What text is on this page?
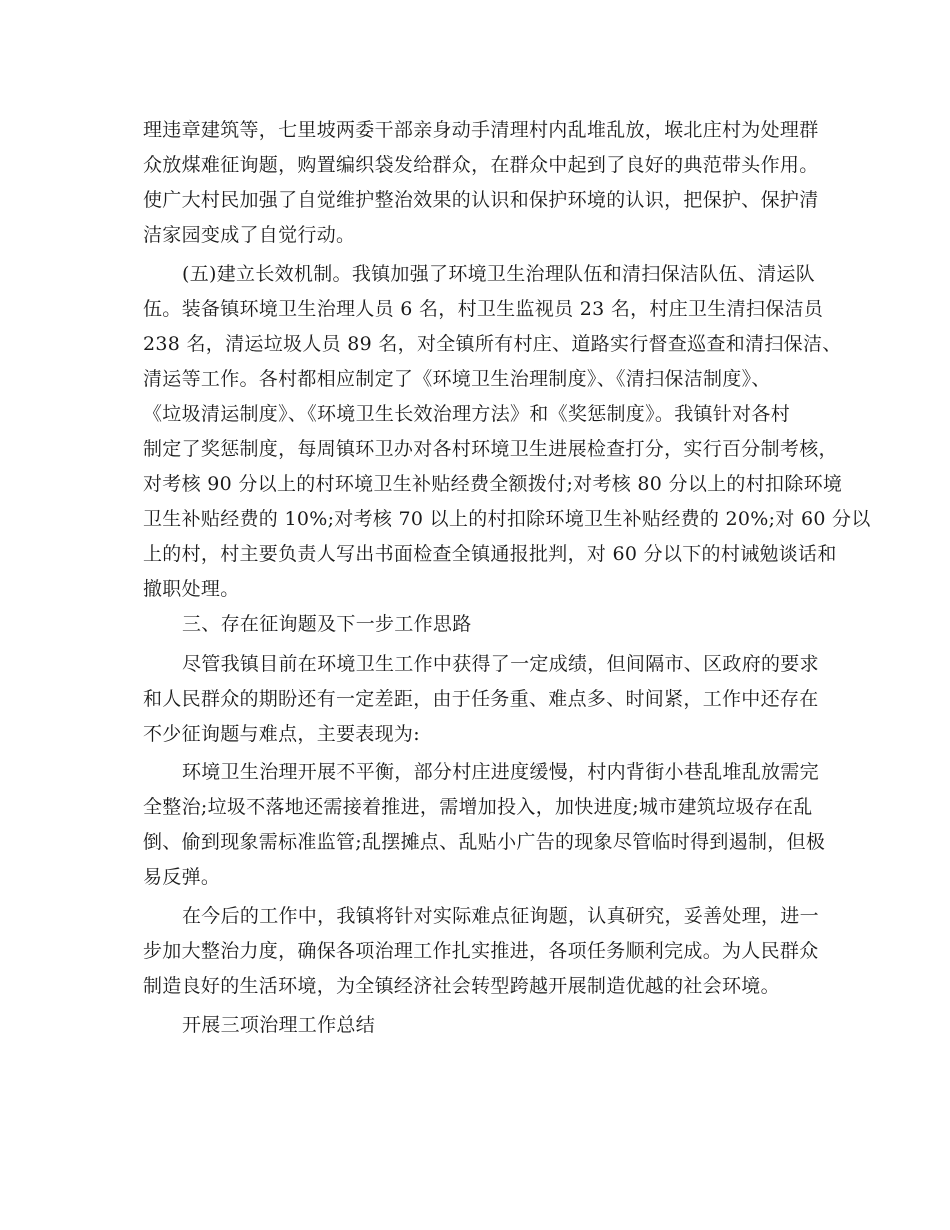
理违章建筑等，七里坡两委干部亲身动手清理村内乱堆乱放，堠北庄村为处理群
众放煤难征询题，购置编织袋发给群众，在群众中起到了良好的典范带头作用。
使广大村民加强了自觉维护整治效果的认识和保护环境的认识，把保护、保护清
洁家园变成了自觉行动。
(五)建立长效机制。我镇加强了环境卫生治理队伍和清扫保洁队伍、清运队
伍。装备镇环境卫生治理人员 6 名，村卫生监视员 23 名，村庄卫生清扫保洁员
238 名，清运垃圾人员 89 名，对全镇所有村庄、道路实行督查巡查和清扫保洁、
清运等工作。各村都相应制定了《环境卫生治理制度》、《清扫保洁制度》、
《垃圾清运制度》、《环境卫生长效治理方法》和《奖惩制度》。我镇针对各村
制定了奖惩制度，每周镇环卫办对各村环境卫生进展检查打分，实行百分制考核，
对考核 90 分以上的村环境卫生补贴经费全额拨付;对考核 80 分以上的村扣除环境
卫生补贴经费的 10%;对考核 70 以上的村扣除环境卫生补贴经费的 20%;对 60 分以
上的村，村主要负责人写出书面检查全镇通报批判，对 60 分以下的村诫勉谈话和
撤职处理。
三、存在征询题及下一步工作思路
尽管我镇目前在环境卫生工作中获得了一定成绩，但间隔市、区政府的要求
和人民群众的期盼还有一定差距，由于任务重、难点多、时间紧，工作中还存在
不少征询题与难点，主要表现为:
环境卫生治理开展不平衡，部分村庄进度缓慢，村内背街小巷乱堆乱放需完
全整治;垃圾不落地还需接着推进，需增加投入，加快进度;城市建筑垃圾存在乱
倒、偷到现象需标准监管;乱摆摊点、乱贴小广告的现象尽管临时得到遏制，但极
易反弹。
在今后的工作中，我镇将针对实际难点征询题，认真研究，妥善处理，进一
步加大整治力度，确保各项治理工作扎实推进，各项任务顺利完成。为人民群众
制造良好的生活环境，为全镇经济社会转型跨越开展制造优越的社会环境。
开展三项治理工作总结
